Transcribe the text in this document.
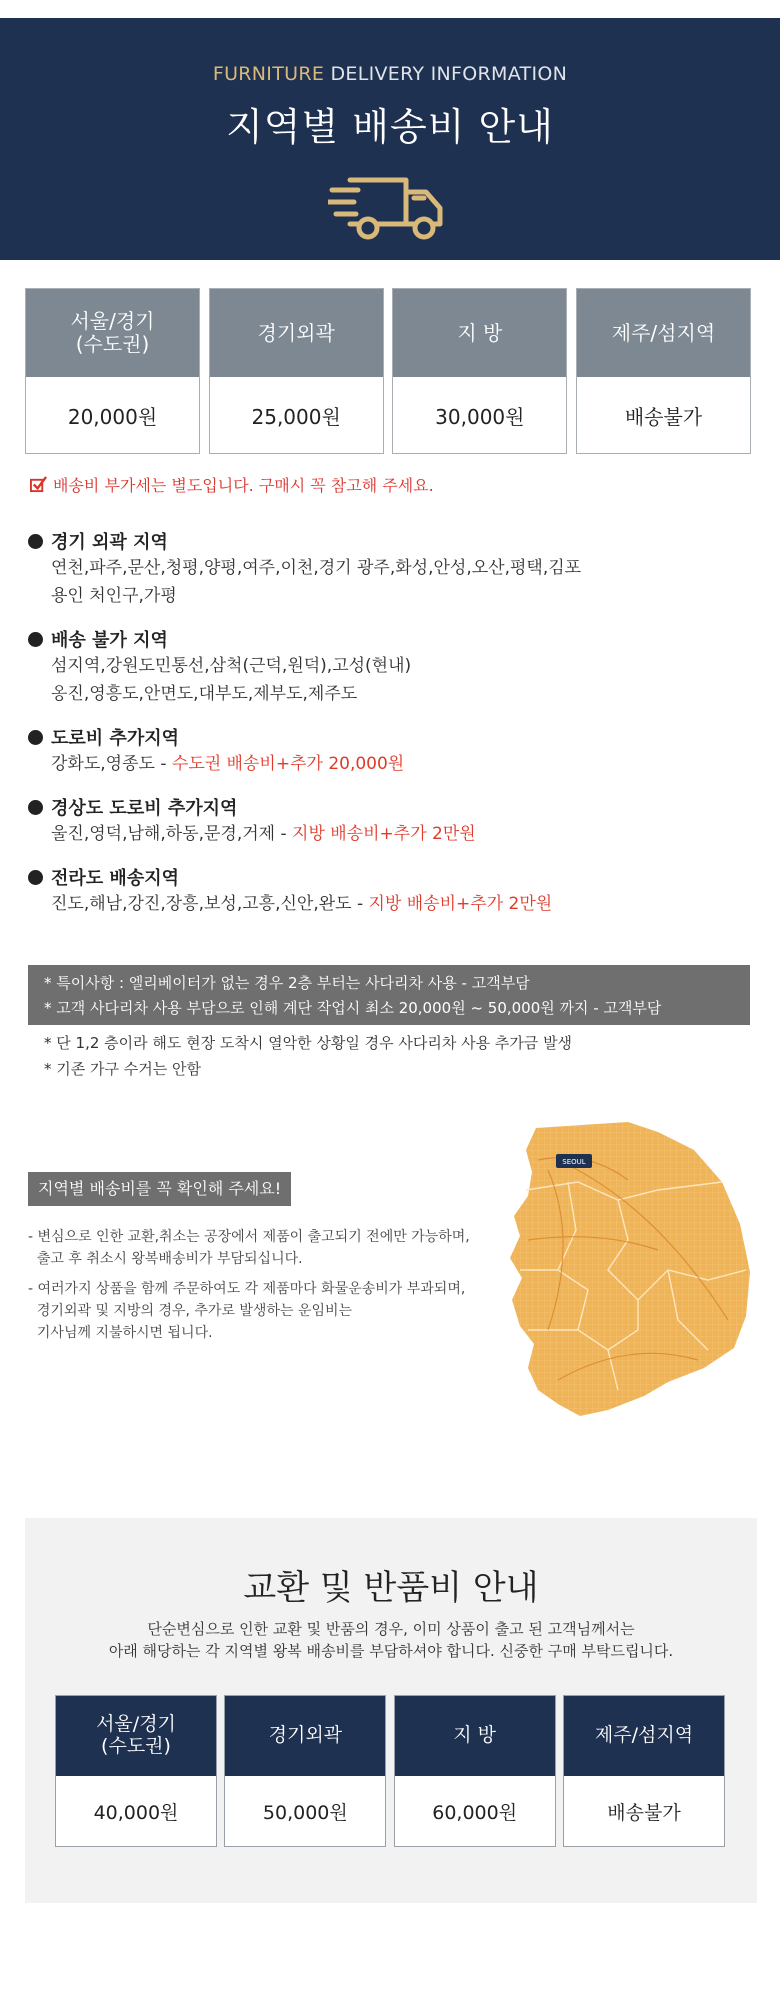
FURNITURE DELIVERY INFORMATION
지역별 배송비 안내
서울/경기
(수도권)
20,000원
경기외곽
25,000원
지 방
30,000원
제주/섬지역
배송불가
배송비 부가세는 별도입니다. 구매시 꼭 참고해 주세요.
경기 외곽 지역
연천,파주,문산,청평,양평,여주,이천,경기 광주,화성,안성,오산,평택,김포
용인 처인구,가평
배송 불가 지역
섬지역,강원도민통선,삼척(근덕,원덕),고성(현내)
옹진,영흥도,안면도,대부도,제부도,제주도
도로비 추가지역
강화도,영종도 - 수도권 배송비+추가 20,000원
경상도 도로비 추가지역
울진,영덕,남해,하동,문경,거제 - 지방 배송비+추가 2만원
전라도 배송지역
진도,해남,강진,장흥,보성,고흥,신안,완도 - 지방 배송비+추가 2만원
* 특이사항 : 엘리베이터가 없는 경우 2층 부터는 사다리차 사용 - 고객부담
* 고객 사다리차 사용 부담으로 인해 계단 작업시 최소 20,000원 ~ 50,000원 까지 - 고객부담
* 단 1,2 층이라 해도 현장 도착시 열악한 상황일 경우 사다리차 사용 추가금 발생
* 기존 가구 수거는 안함
지역별 배송비를 꼭 확인해 주세요!

- 변심으로 인한 교환,취소는 공장에서 제품이 출고되기 전에만 가능하며,
출고 후 취소시 왕복배송비가 부담되십니다.

- 여러가지 상품을 함께 주문하여도 각 제품마다 화물운송비가 부과되며,
경기외곽 및 지방의 경우, 추가로 발생하는 운임비는
기사님께 지불하시면 됩니다.

SEOUL
교환 및 반품비 안내
단순변심으로 인한 교환 및 반품의 경우, 이미 상품이 출고 된 고객님께서는
아래 해당하는 각 지역별 왕복 배송비를 부담하셔야 합니다. 신중한 구매 부탁드립니다.
서울/경기
(수도권)
40,000원
경기외곽
50,000원
지 방
60,000원
제주/섬지역
배송불가
